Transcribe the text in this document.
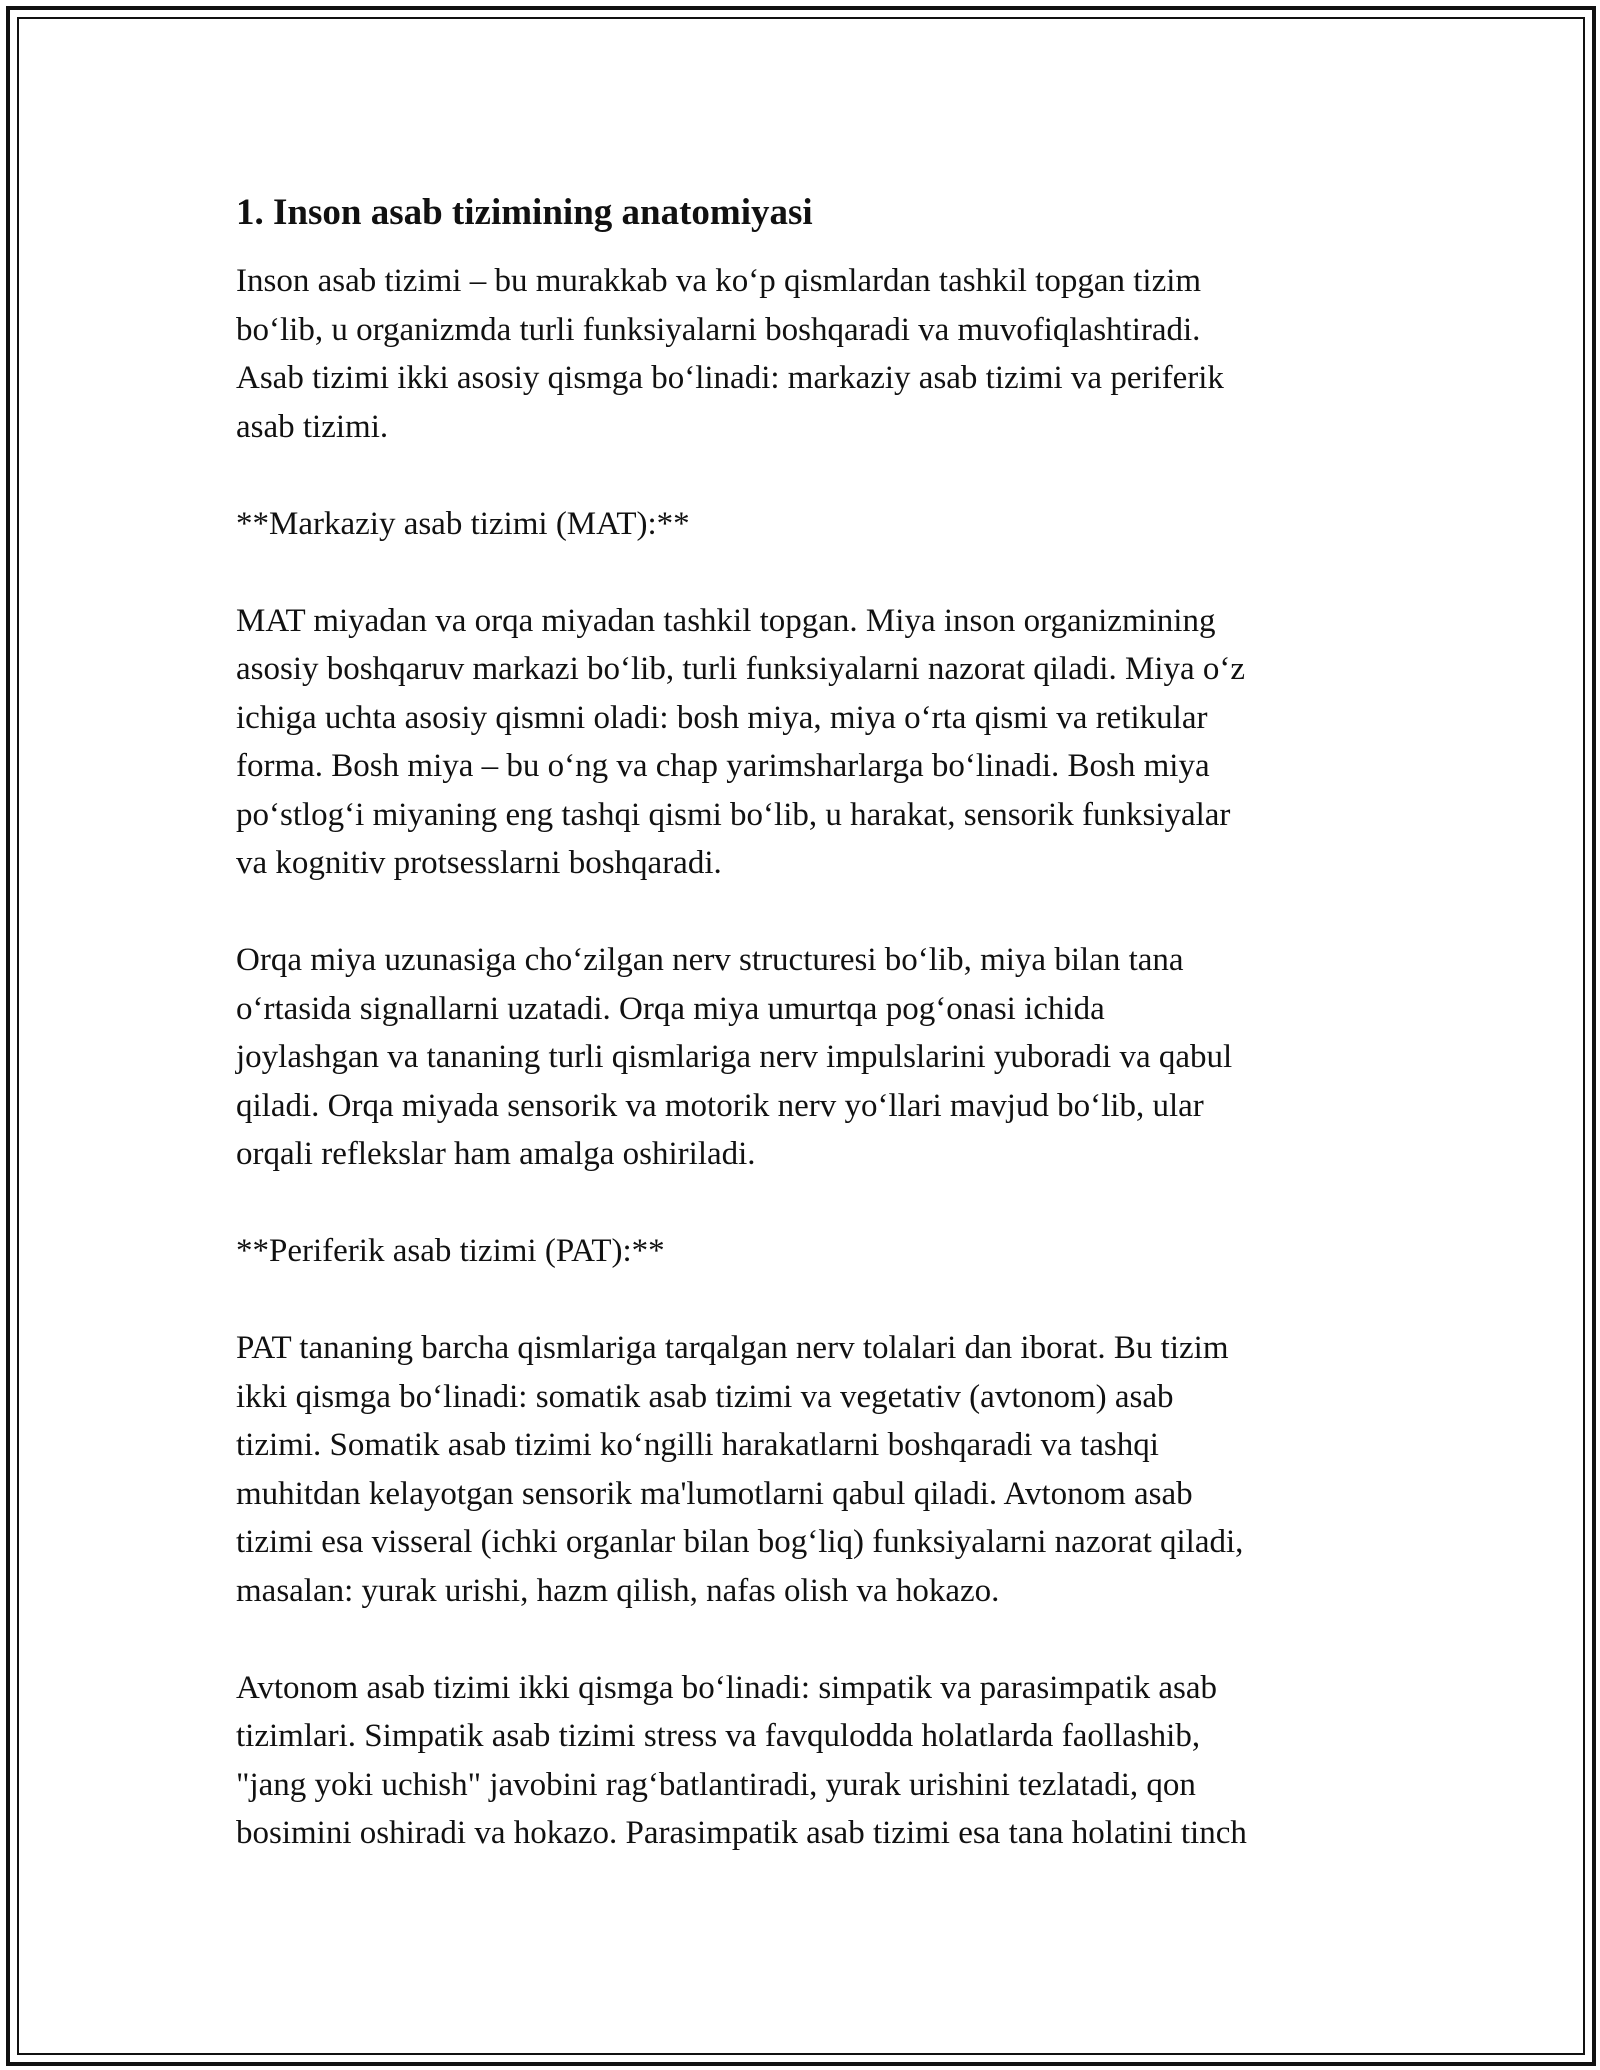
1. Inson asab tizimining anatomiyasi

Inson asab tizimi – bu murakkab va ko‘p qismlardan tashkil topgan tizim
bo‘lib, u organizmda turli funksiyalarni boshqaradi va muvofiqlashtiradi.
Asab tizimi ikki asosiy qismga bo‘linadi: markaziy asab tizimi va periferik
asab tizimi.

**Markaziy asab tizimi (MAT):**

MAT miyadan va orqa miyadan tashkil topgan. Miya inson organizmining
asosiy boshqaruv markazi bo‘lib, turli funksiyalarni nazorat qiladi. Miya o‘z
ichiga uchta asosiy qismni oladi: bosh miya, miya o‘rta qismi va retikular
forma. Bosh miya – bu o‘ng va chap yarimsharlarga bo‘linadi. Bosh miya
po‘stlog‘i miyaning eng tashqi qismi bo‘lib, u harakat, sensorik funksiyalar
va kognitiv protsesslarni boshqaradi.

Orqa miya uzunasiga cho‘zilgan nerv structuresi bo‘lib, miya bilan tana
o‘rtasida signallarni uzatadi. Orqa miya umurtqa pog‘onasi ichida
joylashgan va tananing turli qismlariga nerv impulslarini yuboradi va qabul
qiladi. Orqa miyada sensorik va motorik nerv yo‘llari mavjud bo‘lib, ular
orqali reflekslar ham amalga oshiriladi.

**Periferik asab tizimi (PAT):**

PAT tananing barcha qismlariga tarqalgan nerv tolalari dan iborat. Bu tizim
ikki qismga bo‘linadi: somatik asab tizimi va vegetativ (avtonom) asab
tizimi. Somatik asab tizimi ko‘ngilli harakatlarni boshqaradi va tashqi
muhitdan kelayotgan sensorik ma'lumotlarni qabul qiladi. Avtonom asab
tizimi esa visseral (ichki organlar bilan bog‘liq) funksiyalarni nazorat qiladi,
masalan: yurak urishi, hazm qilish, nafas olish va hokazo.

Avtonom asab tizimi ikki qismga bo‘linadi: simpatik va parasimpatik asab
tizimlari. Simpatik asab tizimi stress va favqulodda holatlarda faollashib,
"jang yoki uchish" javobini rag‘batlantiradi, yurak urishini tezlatadi, qon
bosimini oshiradi va hokazo. Parasimpatik asab tizimi esa tana holatini tinch
